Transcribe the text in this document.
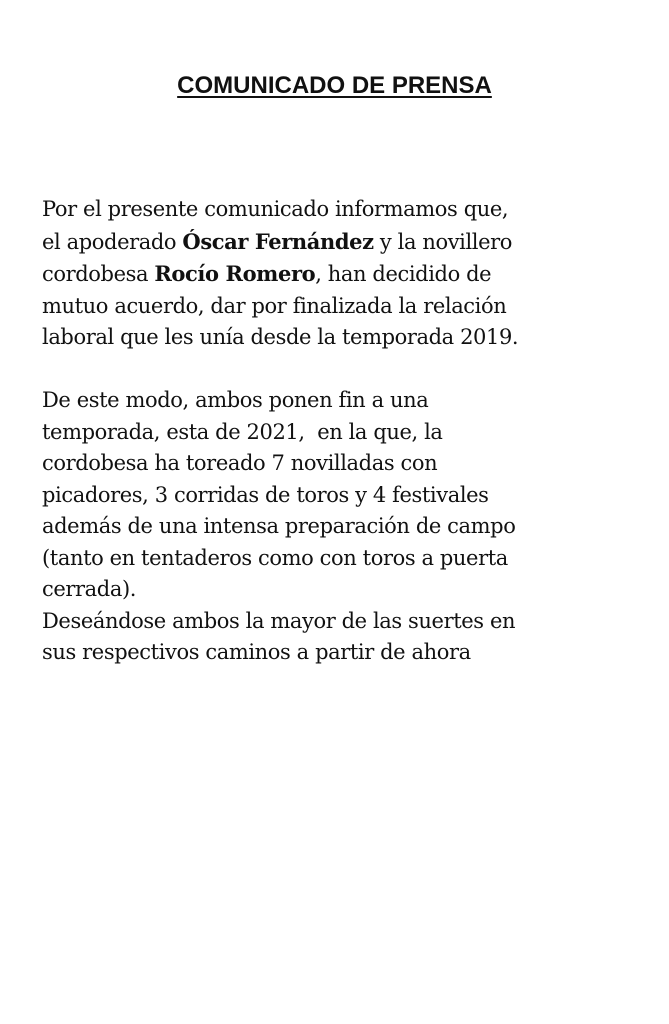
COMUNICADO DE PRENSA

Por el presente comunicado informamos que,
el apoderado Óscar Fernández y la novillero
cordobesa Rocío Romero, han decidido de
mutuo acuerdo, dar por finalizada la relación
laboral que les unía desde la temporada 2019.

De este modo, ambos ponen fin a una
temporada, esta de 2021,  en la que, la
cordobesa ha toreado 7 novilladas con
picadores, 3 corridas de toros y 4 festivales
además de una intensa preparación de campo
(tanto en tentaderos como con toros a puerta
cerrada).

Deseándose ambos la mayor de las suertes en
sus respectivos caminos a partir de ahora
